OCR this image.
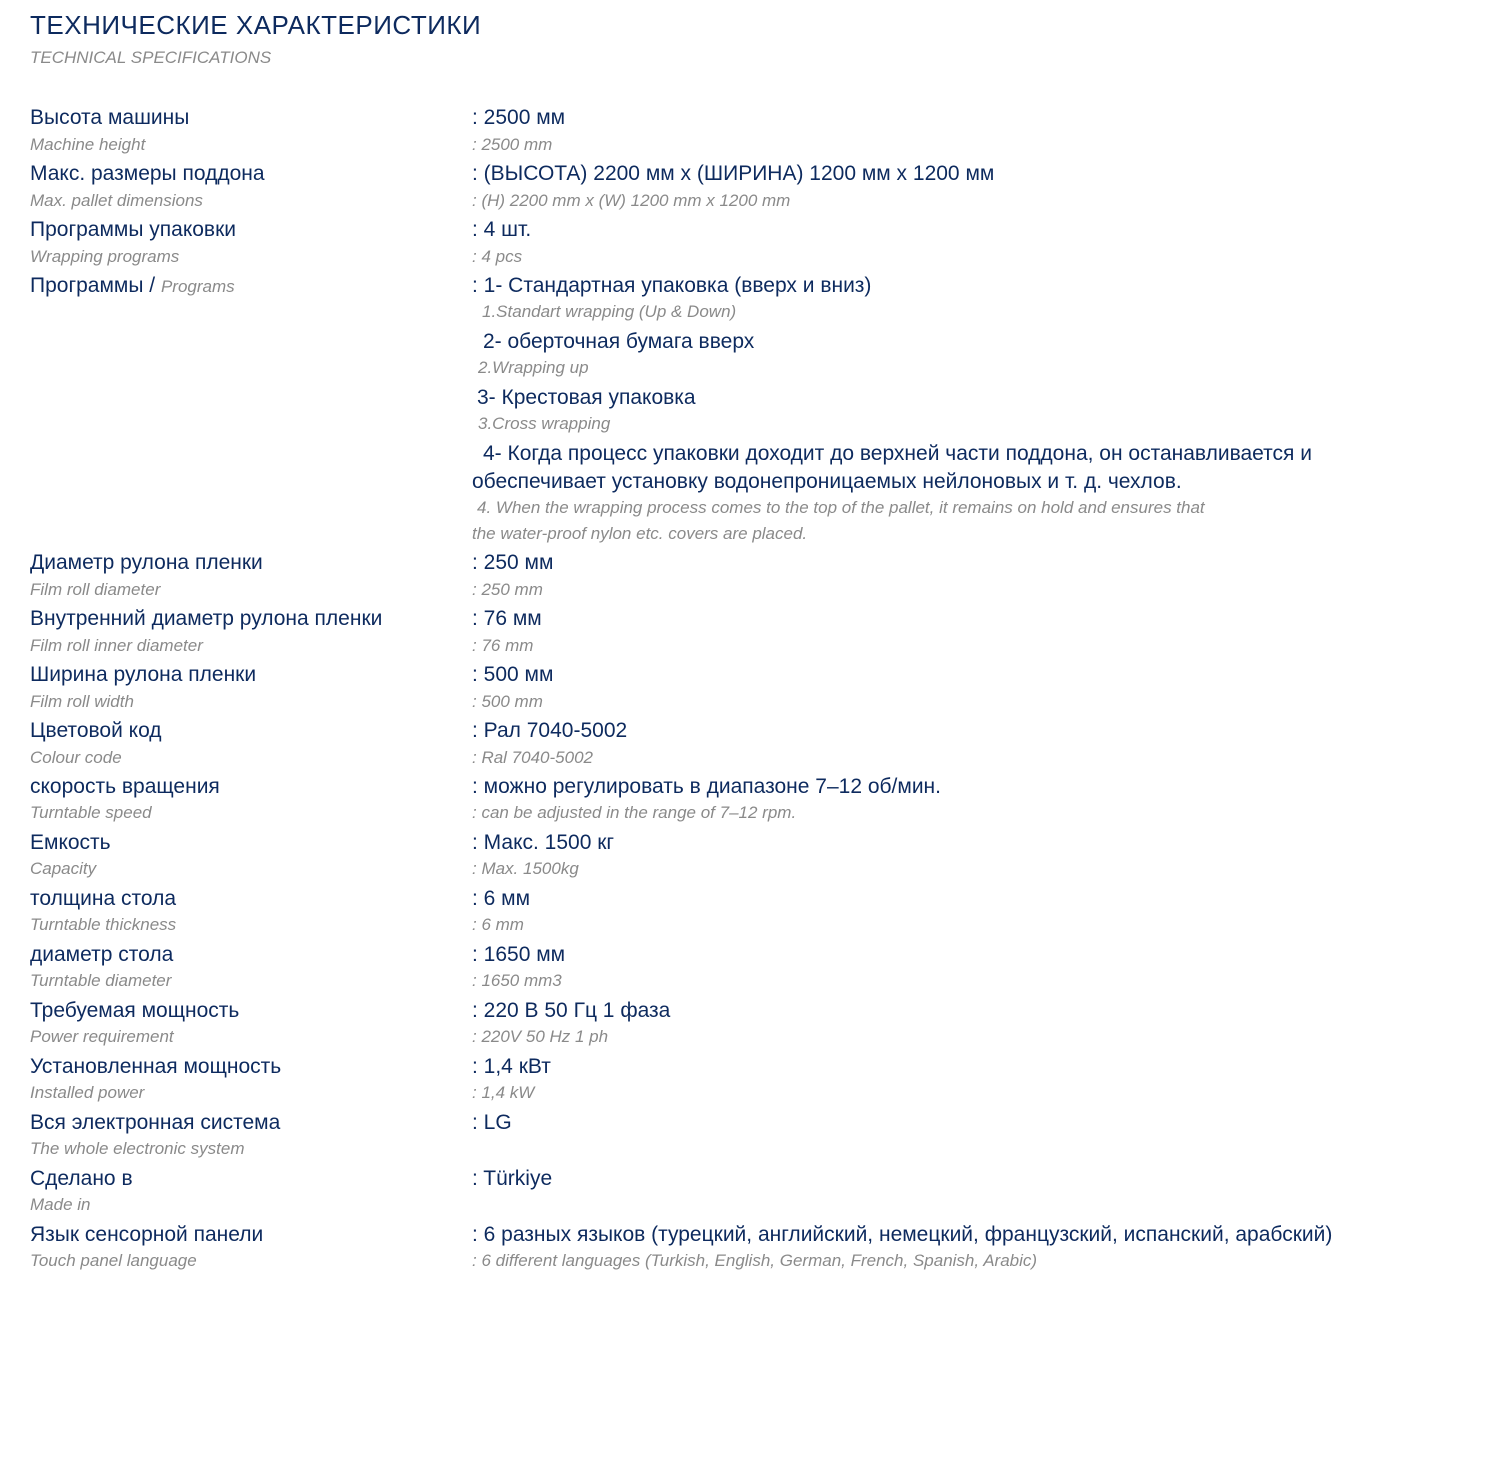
ТЕХНИЧЕСКИЕ ХАРАКТЕРИСТИКИ
TECHNICAL SPECIFICATIONS
Высота машины
Machine height
: 2500 мм
: 2500 mm
Макс. размеры поддона
Max. pallet dimensions
: (ВЫСОТА) 2200 мм x (ШИРИНА) 1200 мм x 1200 мм
: (H) 2200 mm x (W) 1200 mm x 1200 mm
Программы упаковки
Wrapping programs
: 4 шт.
: 4 pcs
Программы / Programs	: 1- Стандартная упаковка (вверх и вниз)
1.Standart wrapping (Up & Down)
2- оберточная бумага вверх
2.Wrapping up
3- Крестовая упаковка
3.Cross wrapping
4- Когда процесс упаковки доходит до верхней части поддона, он останавливается и
обеспечивает установку водонепроницаемых нейлоновых и т. д. чехлов.
4. When the wrapping process comes to the top of the pallet, it remains on hold and ensures that
the water-proof nylon etc. covers are placed.
Диаметр рулона пленки
Film roll diameter
: 250 мм
: 250 mm
Внутренний диаметр рулона пленки
Film roll inner diameter
: 76 мм
: 76 mm
Ширина рулона пленки
Film roll width
: 500 мм
: 500 mm
Цветовой код
Colour code
: Рал 7040-5002
: Ral 7040-5002
скорость вращения
Turntable speed
: можно регулировать в диапазоне 7–12 об/мин.
: can be adjusted in the range of 7–12 rpm.
Емкость
Capacity
: Макс. 1500 кг
: Max. 1500kg
толщина стола
Turntable thickness
: 6 мм
: 6 mm
диаметр стола
Turntable diameter
: 1650 мм
: 1650 mm3
Требуемая мощность
Power requirement
: 220 В 50 Гц 1 фаза
: 220V 50 Hz 1 ph
Установленная мощность
Installed power
: 1,4 кВт
: 1,4 kW
Вся электронная система
The whole electronic system
: LG
Сделано в
Made in
: Türkiye
Язык сенсорной панели
Touch panel language
: 6 разных языков (турецкий, английский, немецкий, французский, испанский, арабский)
: 6 different languages (Turkish, English, German, French, Spanish, Arabic)
